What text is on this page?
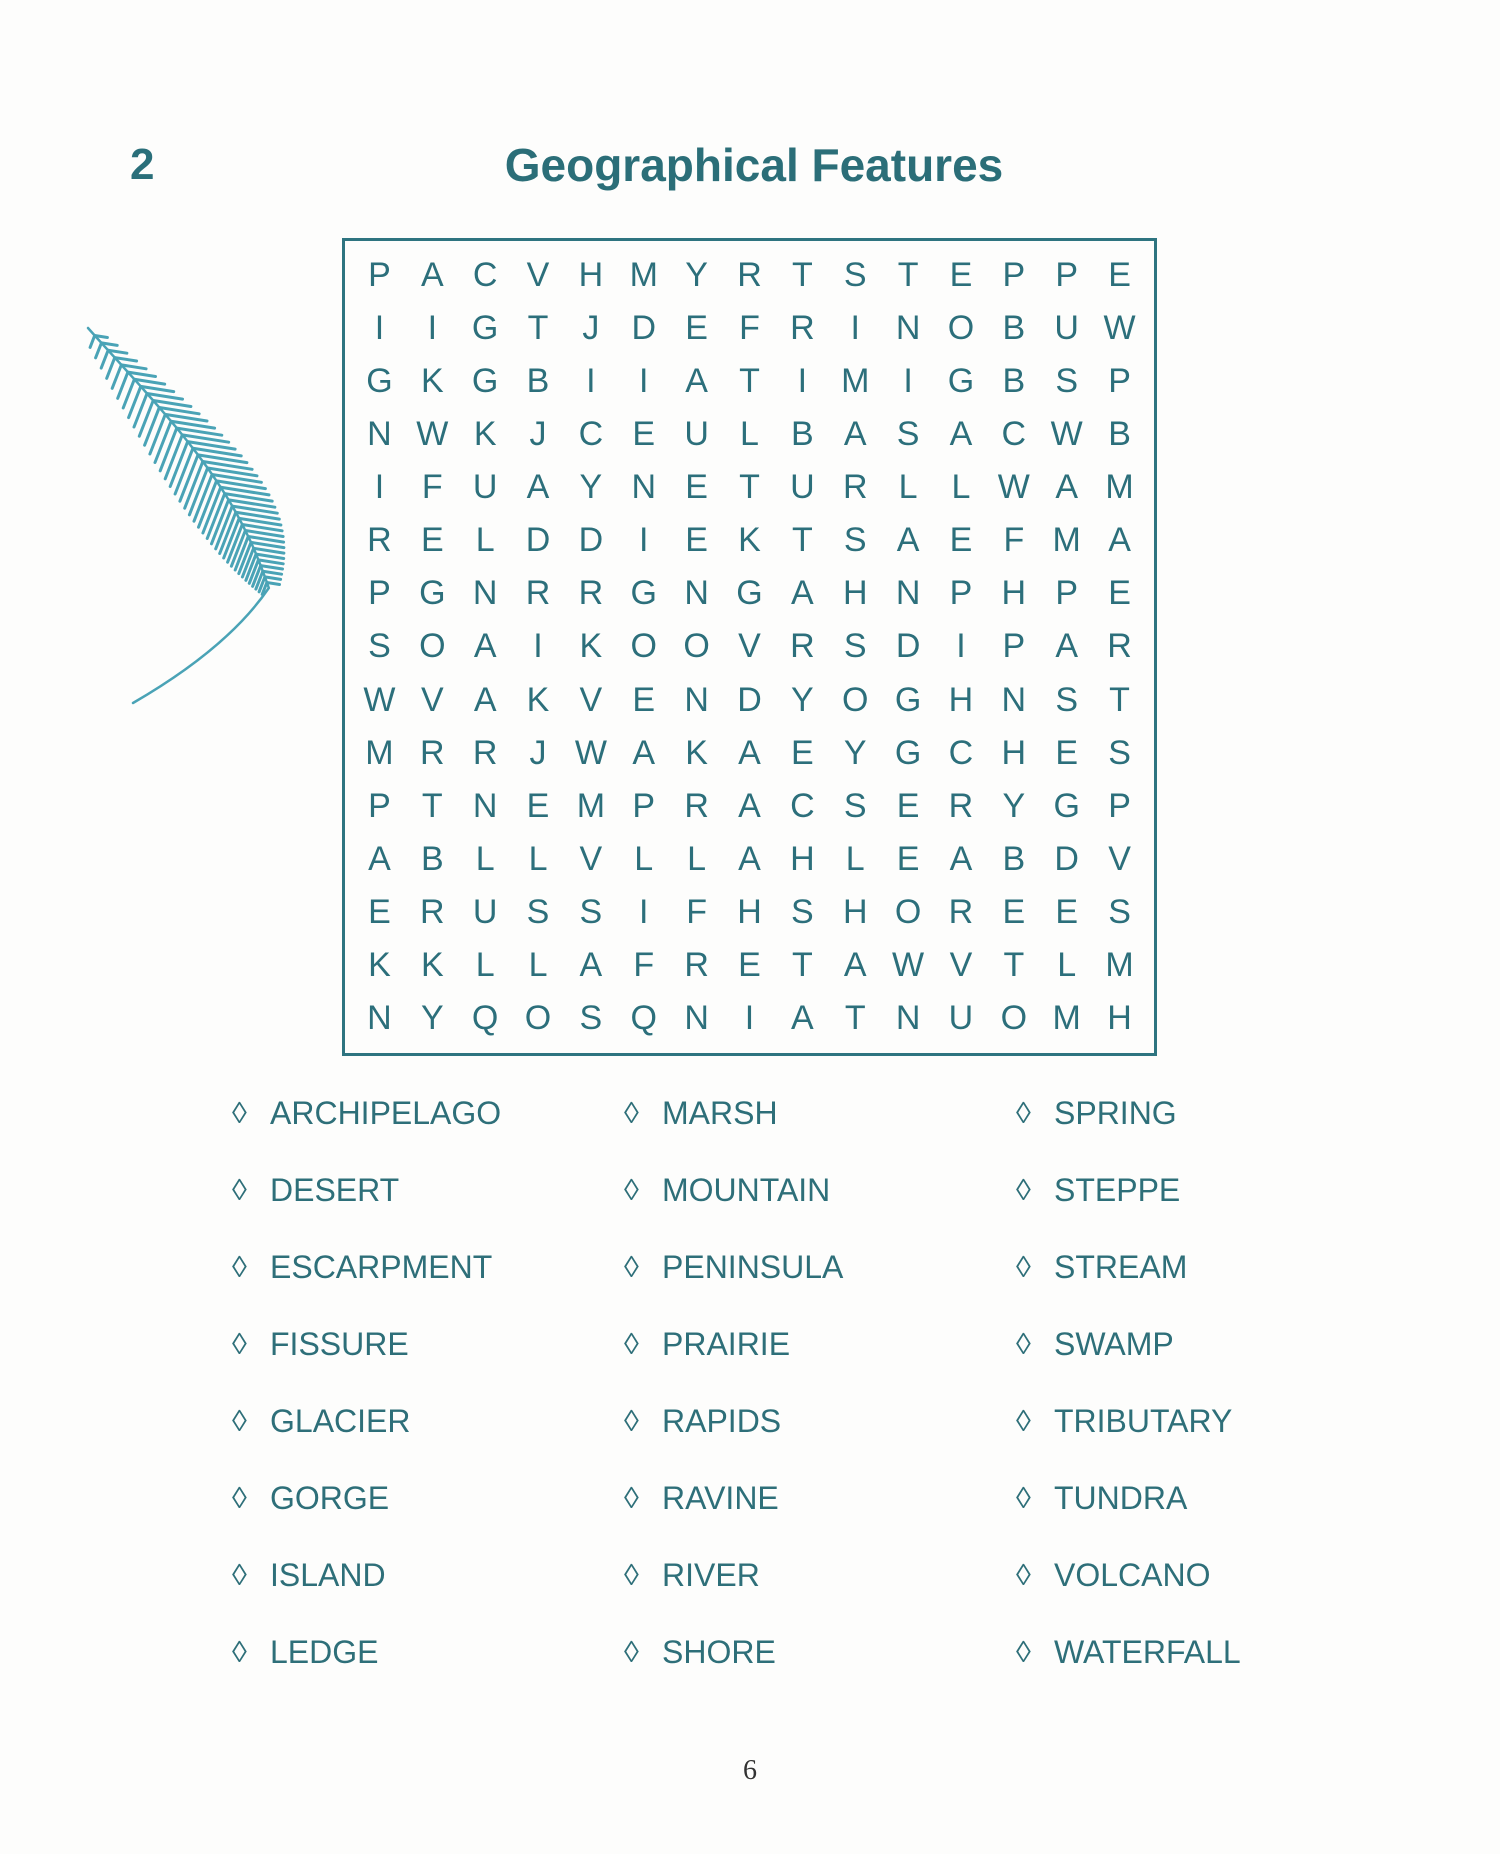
2	Geographical Features
P A C V H M Y R T S T E P P E
I	I	G T J D E F R	I	N O B U W
G K G B	I	I	A T	I M I	G B S P
N W K J C E U L B A S A C W B
I	F U A Y N E T U R L L W A M
R E L D D	I	E K T S A E F M A
P G N R R G N G A H N P H P E
S O A	I	K O O V R S D	I	P A R
W V A K V E N D Y O G H N S T
M R R J W A K A E Y G C H E S
P T N E M P R A C S E R Y G P
A B L L V L L A H L E A B D V
E R U S S	I	F H S H O R E E S
K K L L A F R E T A W V T L M
N Y Q O S Q N	I	A T N U O M H
◊ ARCHIPELAGO
◊ DESERT
◊ ESCARPMENT
◊ FISSURE
◊ GLACIER
◊ GORGE
◊ ISLAND
◊ LEDGE
◊ MARSH
◊ MOUNTAIN
◊ PENINSULA
◊ PRAIRIE
◊ RAPIDS
◊ RAVINE
◊ RIVER
◊ SHORE
◊ SPRING
◊ STEPPE
◊ STREAM
◊ SWAMP
◊ TRIBUTARY
◊ TUNDRA
◊ VOLCANO
◊ WATERFALL
6
